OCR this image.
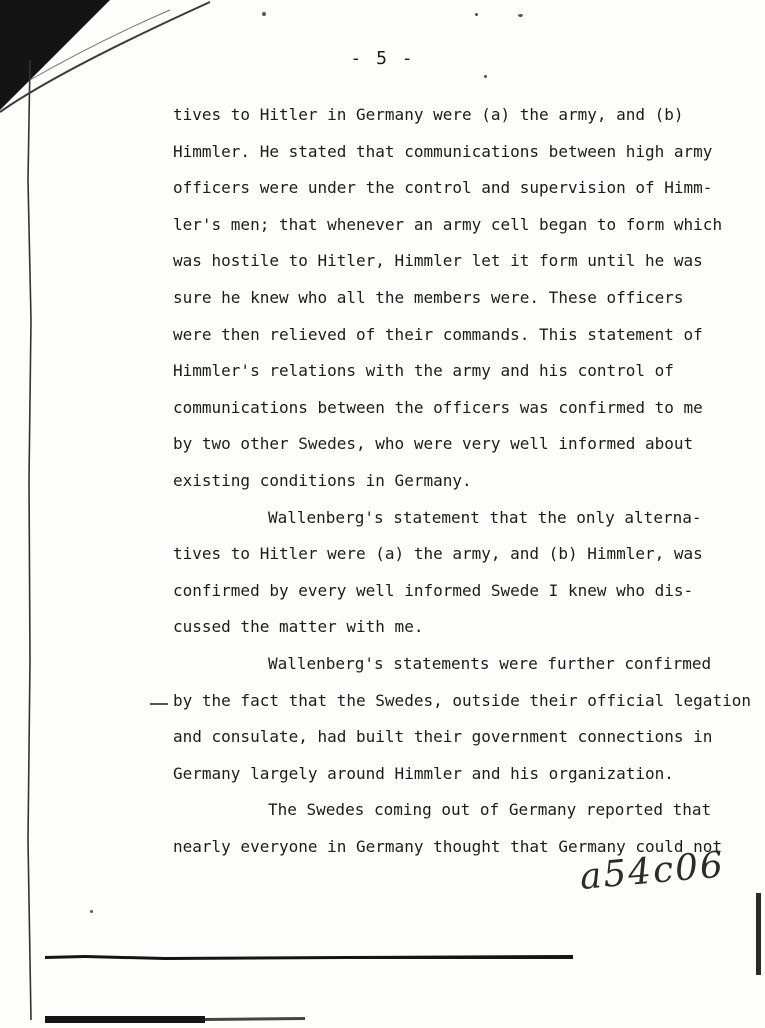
- 5 -
tives to Hitler in Germany were (a) the army, and (b)
Himmler. He stated that communications between high army
officers were under the control and supervision of Himm-
ler's men; that whenever an army cell began to form which
was hostile to Hitler, Himmler let it form until he was
sure he knew who all the members were. These officers
were then relieved of their commands. This statement of
Himmler's relations with the army and his control of
communications between the officers was confirmed to me
by two other Swedes, who were very well informed about
existing conditions in Germany.
Wallenberg's statement that the only alterna-
tives to Hitler were (a) the army, and (b) Himmler, was
confirmed by every well informed Swede I knew who dis-
cussed the matter with me.
Wallenberg's statements were further confirmed
by the fact that the Swedes, outside their official legation
and consulate, had built their government connections in
Germany largely around Himmler and his organization.
The Swedes coming out of Germany reported that
nearly everyone in Germany thought that Germany could not
a54c06
